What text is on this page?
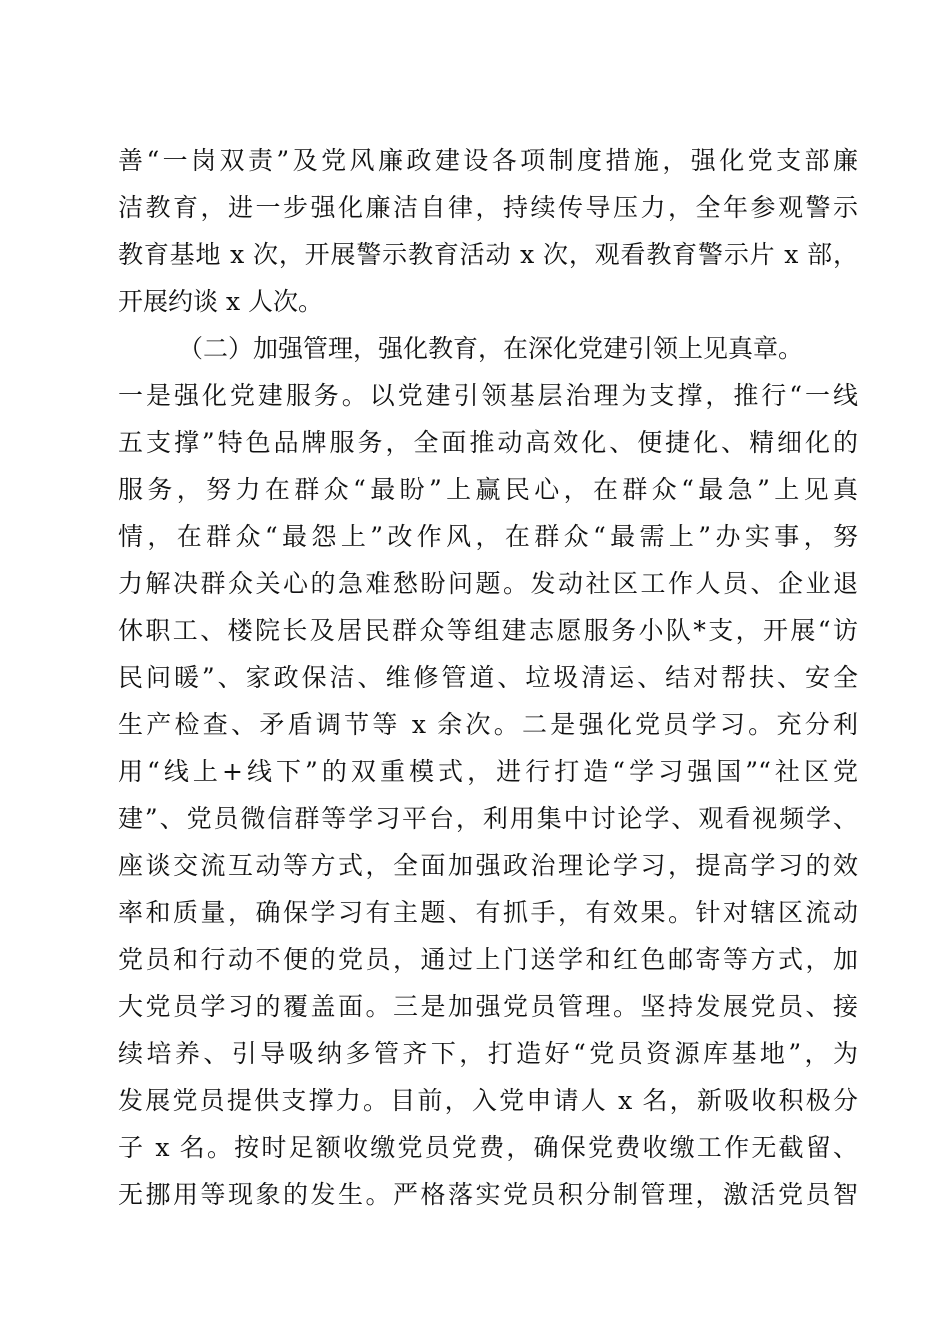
善“一岗双责”及党风廉政建设各项制度措施，强化党支部廉
洁教育，进一步强化廉洁自律，持续传导压力，全年参观警示
教育基地 x 次，开展警示教育活动 x 次，观看教育警示片 x 部，
开展约谈 x 人次。
（二）加强管理，强化教育，在深化党建引领上见真章。
一是强化党建服务。以党建引领基层治理为支撑，推行“一线
五支撑”特色品牌服务，全面推动高效化、便捷化、精细化的
服务，努力在群众“最盼”上赢民心，在群众“最急”上见真
情，在群众“最怨上”改作风，在群众“最需上”办实事，努
力解决群众关心的急难愁盼问题。发动社区工作人员、企业退
休职工、楼院长及居民群众等组建志愿服务小队*支，开展“访
民问暖”、家政保洁、维修管道、垃圾清运、结对帮扶、安全
生产检查、矛盾调节等 x 余次。二是强化党员学习。充分利
用“线上+线下”的双重模式，进行打造“学习强国”“社区党
建”、党员微信群等学习平台，利用集中讨论学、观看视频学、
座谈交流互动等方式，全面加强政治理论学习，提高学习的效
率和质量，确保学习有主题、有抓手，有效果。针对辖区流动
党员和行动不便的党员，通过上门送学和红色邮寄等方式，加
大党员学习的覆盖面。三是加强党员管理。坚持发展党员、接
续培养、引导吸纳多管齐下，打造好“党员资源库基地”，为
发展党员提供支撑力。目前，入党申请人 x 名，新吸收积极分
子 x 名。按时足额收缴党员党费，确保党费收缴工作无截留、
无挪用等现象的发生。严格落实党员积分制管理，激活党员智
